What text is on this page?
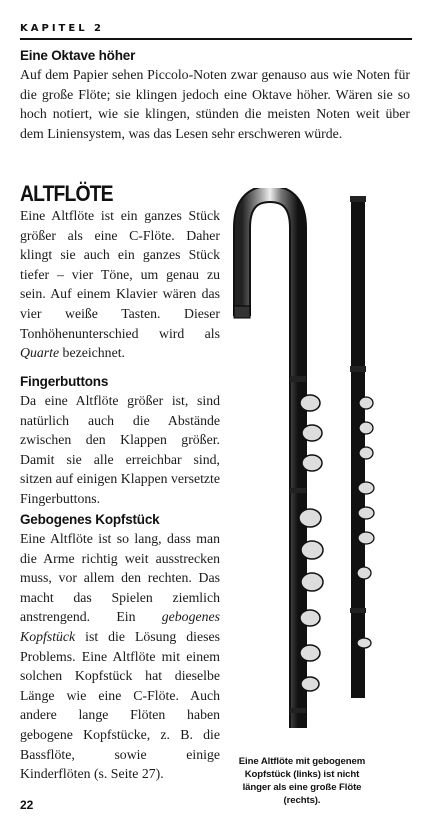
KAPITEL 2
Eine Oktave höher

Auf dem Papier sehen Piccolo-Noten zwar genauso aus wie Noten für die große Flöte; sie klingen jedoch eine Oktave höher. Wären sie so hoch notiert, wie sie klingen, stünden die meisten Noten weit über dem Liniensystem, was das Lesen sehr erschweren würde.

ALTFLÖTE

Eine Altflöte ist ein ganzes Stück größer als eine C-Flöte. Daher klingt sie auch ein ganzes Stück tiefer – vier Töne, um genau zu sein. Auf einem Klavier wären das vier weiße Tasten. Dieser Tonhöhenunterschied wird als Quarte bezeichnet.

Fingerbuttons

Da eine Altflöte größer ist, sind natürlich auch die Abstände zwischen den Klappen größer. Damit sie alle erreichbar sind, sitzen auf einigen Klappen versetzte Fingerbuttons.

Gebogenes Kopfstück

Eine Altflöte ist so lang, dass man die Arme richtig weit ausstrecken muss, vor allem den rechten. Das macht das Spielen ziemlich anstrengend. Ein gebogenes Kopfstück ist die Lösung dieses Problems. Eine Altflöte mit einem solchen Kopfstück hat dieselbe Länge wie eine C-Flöte. Auch andere lange Flöten haben gebogene Kopfstücke, z. B. die Bassflöte, sowie einige Kinderflöten (s. Seite 27).

Eine Altflöte mit gebogenem Kopfstück (links) ist nicht länger als eine große Flöte (rechts).
22
